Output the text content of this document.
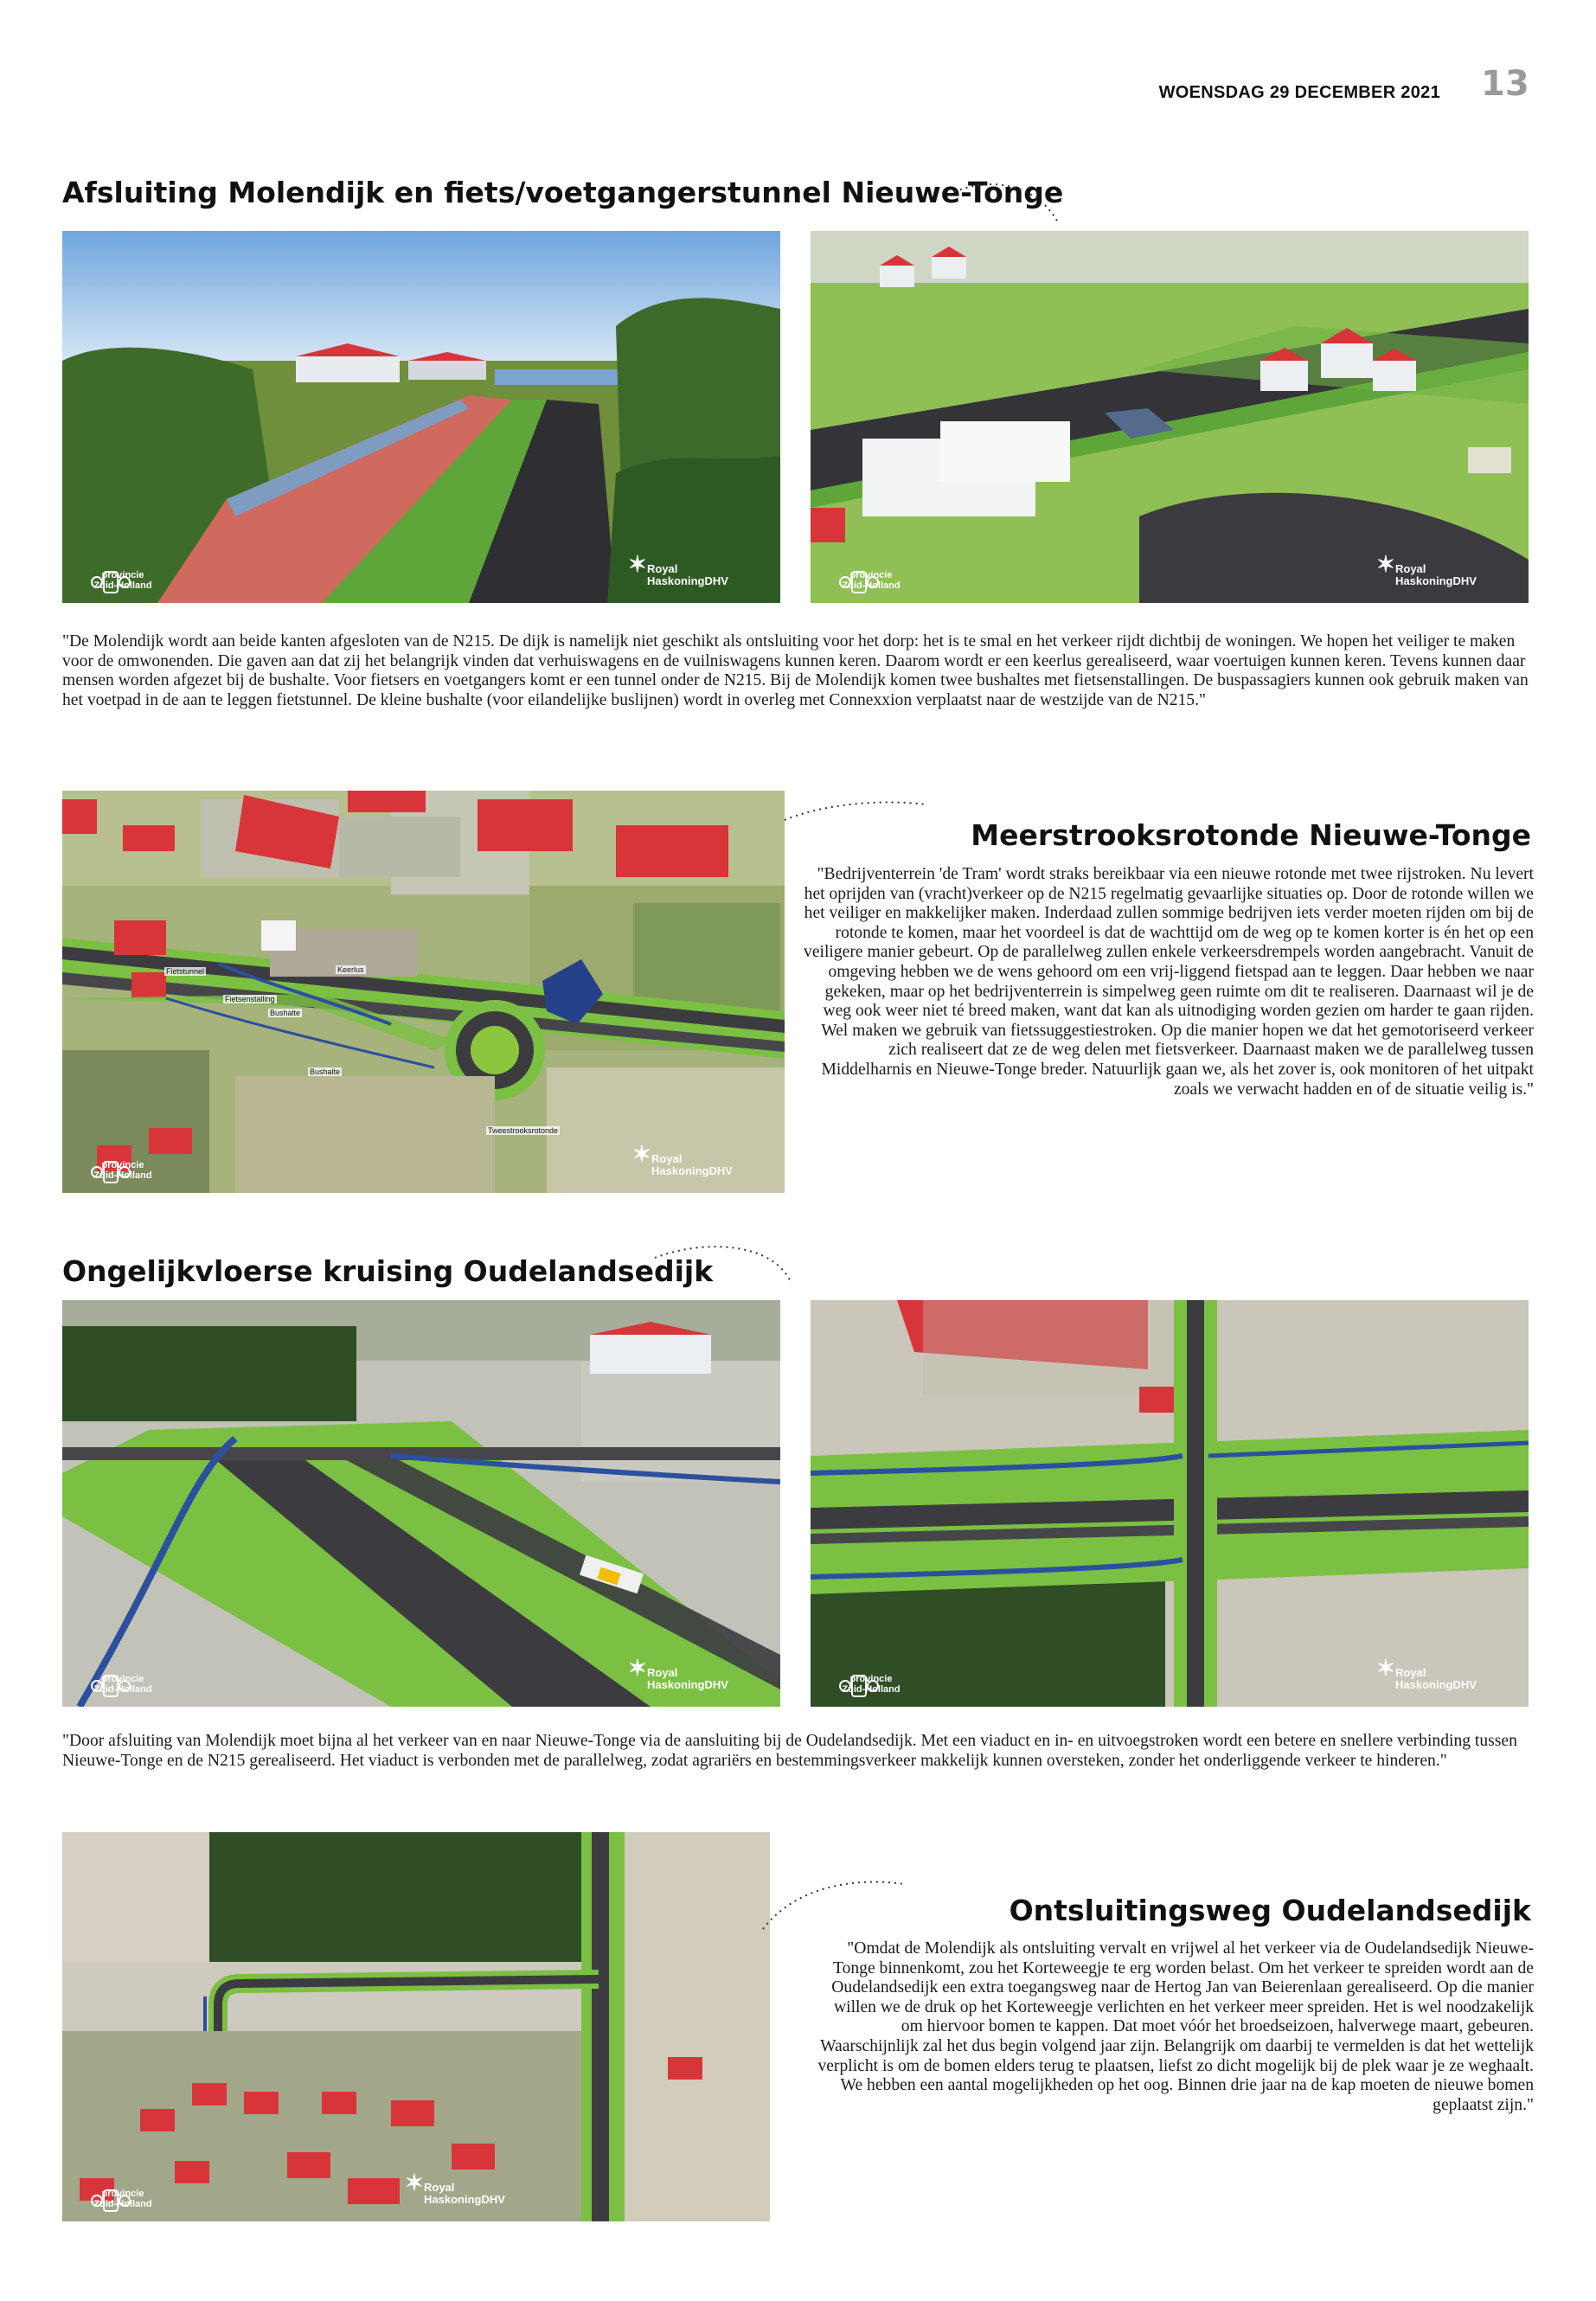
WOENSDAG 29 DECEMBER 2021 13
Afsluiting Molendijk en fiets/voetgangerstunnel Nieuwe-Tonge
provincie
Zuid-Holland
✶ Royal
HaskoningDHV	provincie
Zuid-Holland
✶ Royal
HaskoningDHV
"De Molendijk wordt aan beide kanten afgesloten van de N215. De dijk is namelijk niet geschikt als ontsluiting voor het dorp: het is te smal en het verkeer rijdt dichtbij de woningen. We hopen het veiliger te maken voor de omwonenden. Die gaven aan dat zij het belangrijk vinden dat verhuiswagens en de vuilniswagens kunnen keren. Daarom wordt er een keerlus gerealiseerd, waar voertuigen kunnen keren. Tevens kunnen daar mensen worden afgezet bij de bushalte. Voor fietsers en voetgangers komt er een tunnel onder de N215. Bij de Molendijk komen twee bushaltes met fietsenstallingen. De buspassagiers kunnen ook gebruik maken van het voetpad in de aan te leggen fietstunnel. De kleine bushalte (voor eilandelijke buslijnen) wordt in overleg met Connexxion verplaatst naar de westzijde van de N215."
Fietstunnel
Fietsenstalling
Bushalte
Bushalte
Keerlus
Tweestrooksrotonde
provincie
Zuid-Holland
✶ Royal
HaskoningDHV
Meerstrooksrotonde Nieuwe-Tonge
"Bedrijventerrein 'de Tram' wordt straks bereikbaar via een nieuwe rotonde met twee rijstroken. Nu levert het oprijden van (vracht)verkeer op de N215 regelmatig gevaarlijke situaties op. Door de rotonde willen we het veiliger en makkelijker maken. Inderdaad zullen sommige bedrijven iets verder moeten rijden om bij de rotonde te komen, maar het voordeel is dat de wachttijd om de weg op te komen korter is én het op een veiligere manier gebeurt. Op de parallelweg zullen enkele verkeersdrempels worden aangebracht. Vanuit de omgeving hebben we de wens gehoord om een vrij-liggend fietspad aan te leggen. Daar hebben we naar gekeken, maar op het bedrijventerrein is simpelweg geen ruimte om dit te realiseren. Daarnaast wil je de weg ook weer niet té breed maken, want dat kan als uitnodiging worden gezien om harder te gaan rijden. Wel maken we gebruik van fietssuggestiestroken. Op die manier hopen we dat het gemotoriseerd verkeer zich realiseert dat ze de weg delen met fietsverkeer. Daarnaast maken we de parallelweg tussen Middelharnis en Nieuwe-Tonge breder. Natuurlijk gaan we, als het zover is, ook monitoren of het uitpakt zoals we verwacht hadden en of de situatie veilig is."
Ongelijkvloerse kruising Oudelandsedijk
provincie
Zuid-Holland
✶ Royal
HaskoningDHV	provincie
Zuid-Holland
✶ Royal
HaskoningDHV
"Door afsluiting van Molendijk moet bijna al het verkeer van en naar Nieuwe-Tonge via de aansluiting bij de Oudelandsedijk. Met een viaduct en in- en uitvoegstroken wordt een betere en snellere verbinding tussen Nieuwe-Tonge en de N215 gerealiseerd. Het viaduct is verbonden met de parallelweg, zodat agrariërs en bestemmingsverkeer makkelijk kunnen oversteken, zonder het onderliggende verkeer te hinderen."
provincie
Zuid-Holland
✶ Royal
HaskoningDHV
Ontsluitingsweg Oudelandsedijk
"Omdat de Molendijk als ontsluiting vervalt en vrijwel al het verkeer via de Oudelandsedijk Nieuwe-Tonge binnenkomt, zou het Korteweegje te erg worden belast. Om het verkeer te spreiden wordt aan de Oudelandsedijk een extra toegangsweg naar de Hertog Jan van Beierenlaan gerealiseerd. Op die manier willen we de druk op het Korteweegje verlichten en het verkeer meer spreiden. Het is wel noodzakelijk om hiervoor bomen te kappen. Dat moet vóór het broedseizoen, halverwege maart, gebeuren. Waarschijnlijk zal het dus begin volgend jaar zijn. Belangrijk om daarbij te vermelden is dat het wettelijk verplicht is om de bomen elders terug te plaatsen, liefst zo dicht mogelijk bij de plek waar je ze weghaalt. We hebben een aantal mogelijkheden op het oog. Binnen drie jaar na de kap moeten de nieuwe bomen geplaatst zijn."
